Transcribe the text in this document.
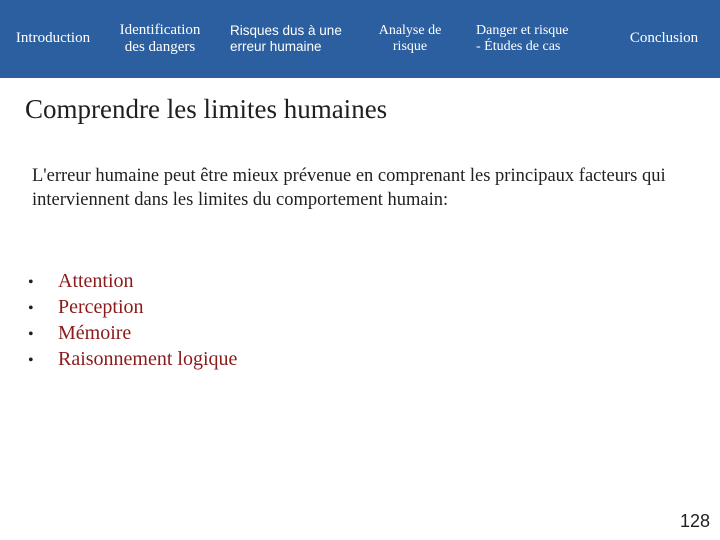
Introduction
Identification
des dangers
Risques dus à une
erreur humaine
Analyse de
risque
Danger et risque
- Études de cas
Conclusion
Comprendre les limites humaines
L'erreur humaine peut être mieux prévenue en comprenant les principaux facteurs qui interviennent dans les limites du comportement humain:
•	Attention
•	Perception
•	Mémoire
•	Raisonnement logique
128
